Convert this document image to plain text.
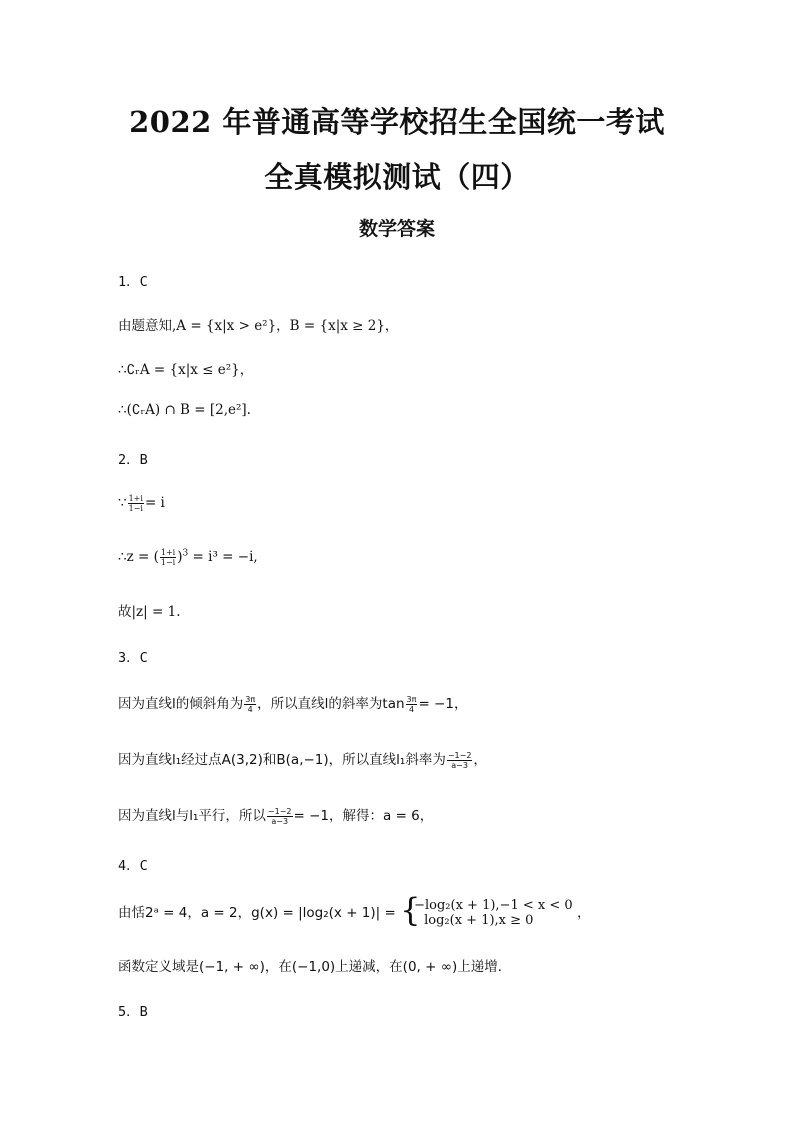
2022 年普通高等学校招生全国统一考试
全真模拟测试（四）
数学答案
1．C
由题意知,A = {x|x > e²}，B = {x|x ≥ 2}，
∴∁ᵣA = {x|x ≤ e²}，
∴(∁ᵣA) ∩ B = [2,e²].
2．B
∵ $\frac{1+i}{1-i} = i$
∴z = ( $\frac{1+i}{1-i} )^3 = i^3 = -i$,
故|z| = 1.
3．C
因为直线l的倾斜角为 $\frac{3\pi}{4}$ ，所以直线l的斜率为$\tan \frac{3\pi}{4} = -1$，
因为直线l₁经过点A(3,2)和B(a,−1)，所以直线l₁斜率为 $\frac{-1-2}{a-3}$ ，
因为直线l与l₁平行，所以 $\frac{-1-2}{a-3} = -1$，解得：a = 6，
4．C
由恬2ᵃ = 4，a = 2，g(x) = |log₂(x + 1)| = {
−log₂(x + 1),−1 < x < 0
log₂(x + 1),x ≥ 0	，
函数定义域是(−1, + ∞)，在(−1,0)上递减，在(0, + ∞)上递增．
5．B
